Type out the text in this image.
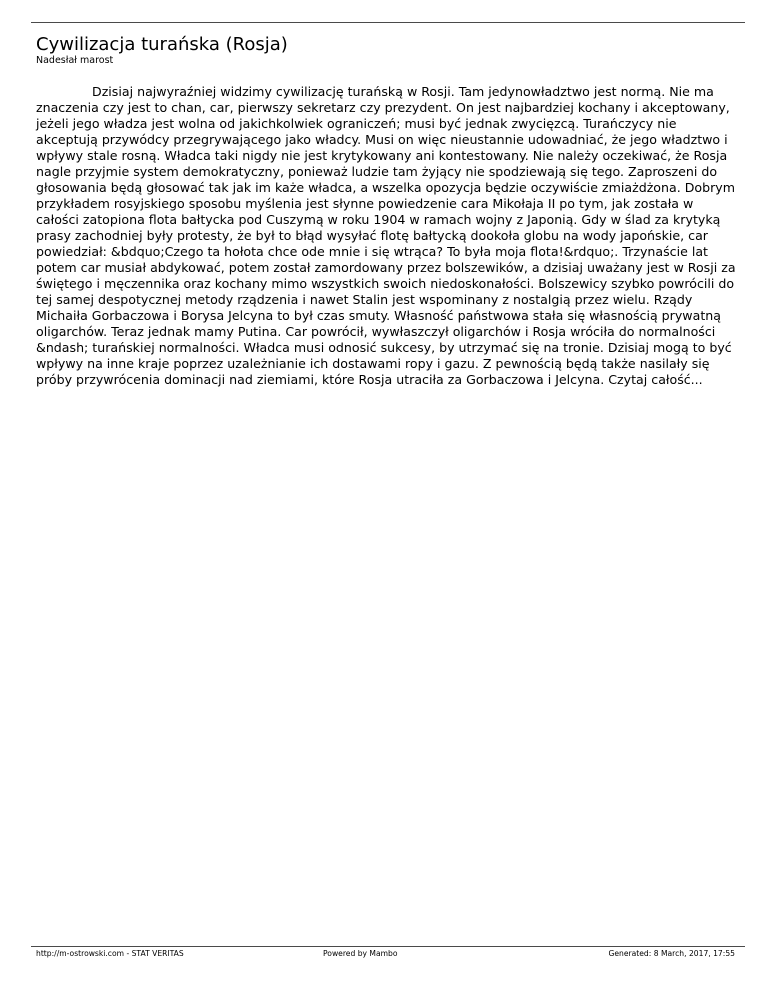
Cywilizacja turańska (Rosja)
Nadesłał marost

Dzisiaj najwyraźniej widzimy cywilizację turańską w Rosji. Tam jedynowładztwo jest normą. Nie ma znaczenia czy jest to chan, car, pierwszy sekretarz czy prezydent. On jest najbardziej kochany i akceptowany, jeżeli jego władza jest wolna od jakichkolwiek ograniczeń; musi być jednak zwycięzcą. Turańczycy nie akceptują przywódcy przegrywającego jako władcy. Musi on więc nieustannie udowadniać, że jego władztwo i wpływy stale rosną. Władca taki nigdy nie jest krytykowany ani kontestowany. Nie należy oczekiwać, że Rosja nagle przyjmie system demokratyczny, ponieważ ludzie tam żyjący nie spodziewają się tego. Zaproszeni do głosowania będą głosować tak jak im każe władca, a wszelka opozycja będzie oczywiście zmiażdżona. Dobrym przykładem rosyjskiego sposobu myślenia jest słynne powiedzenie cara Mikołaja II po tym, jak została w całości zatopiona flota bałtycka pod Cuszymą w roku 1904 w ramach wojny z Japonią. Gdy w ślad za krytyką prasy zachodniej były protesty, że był to błąd wysyłać flotę bałtycką dookoła globu na wody japońskie, car powiedział: &bdquo;Czego ta hołota chce ode mnie i się wtrąca? To była moja flota!&rdquo;. Trzynaście lat potem car musiał abdykować, potem został zamordowany przez bolszewików, a dzisiaj uważany jest w Rosji za świętego i męczennika oraz kochany mimo wszystkich swoich niedoskonałości. Bolszewicy szybko powrócili do tej samej despotycznej metody rządzenia i nawet Stalin jest wspominany z nostalgią przez wielu. Rządy Michaiła Gorbaczowa i Borysa Jelcyna to był czas smuty. Własność państwowa stała się własnością prywatną oligarchów. Teraz jednak mamy Putina. Car powrócił, wywłaszczył oligarchów i Rosja wróciła do normalności &ndash; turańskiej normalności. Władca musi odnosić sukcesy, by utrzymać się na tronie. Dzisiaj mogą to być wpływy na inne kraje poprzez uzależnianie ich dostawami ropy i gazu. Z pewnością będą także nasilały się próby przywrócenia dominacji nad ziemiami, które Rosja utraciła za Gorbaczowa i Jelcyna. Czytaj całość...

http://m-ostrowski.com - STAT VERITAS	Powered by Mambo	Generated: 8 March, 2017, 17:55
